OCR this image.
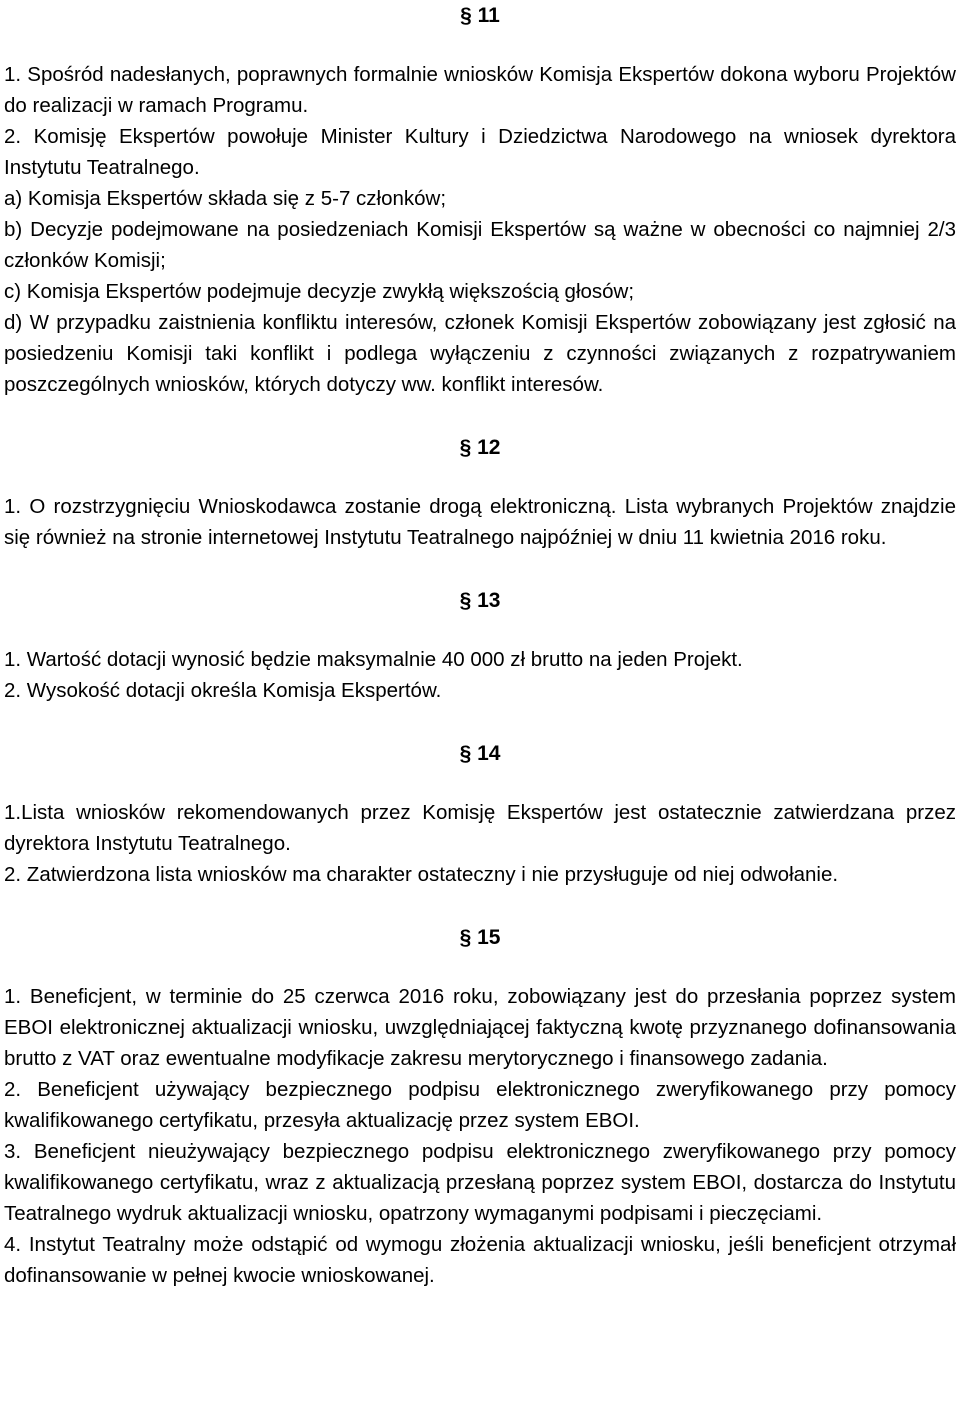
§ 11

1. Spośród nadesłanych, poprawnych formalnie wniosków Komisja Ekspertów dokona wyboru Projektów do realizacji w ramach Programu.

2. Komisję Ekspertów powołuje Minister Kultury i Dziedzictwa Narodowego na wniosek dyrektora Instytutu Teatralnego.

a) Komisja Ekspertów składa się z 5-7 członków;

b) Decyzje podejmowane na posiedzeniach Komisji Ekspertów są ważne w obecności co najmniej 2/3 członków Komisji;

c) Komisja Ekspertów podejmuje decyzje zwykłą większością głosów;

d) W przypadku zaistnienia konfliktu interesów, członek Komisji Ekspertów zobowiązany jest zgłosić na posiedzeniu Komisji taki konflikt i podlega wyłączeniu z czynności związanych z rozpatrywaniem poszczególnych wniosków, których dotyczy ww. konflikt interesów.

§ 12

1. O rozstrzygnięciu Wnioskodawca zostanie drogą elektroniczną. Lista wybranych Projektów znajdzie się również na stronie internetowej Instytutu Teatralnego najpóźniej w dniu 11 kwietnia 2016 roku.

§ 13

1. Wartość dotacji wynosić będzie maksymalnie 40 000 zł brutto na jeden Projekt.

2. Wysokość dotacji określa Komisja Ekspertów.

§ 14

1.Lista wniosków rekomendowanych przez Komisję Ekspertów jest ostatecznie zatwierdzana przez dyrektora Instytutu Teatralnego.

2. Zatwierdzona lista wniosków ma charakter ostateczny i nie przysługuje od niej odwołanie.

§ 15

1. Beneficjent, w terminie do 25 czerwca 2016 roku, zobowiązany jest do przesłania poprzez system EBOI elektronicznej aktualizacji wniosku, uwzględniającej faktyczną kwotę przyznanego dofinansowania brutto z VAT oraz ewentualne modyfikacje zakresu merytorycznego i finansowego zadania.

2. Beneficjent używający bezpiecznego podpisu elektronicznego zweryfikowanego przy pomocy kwalifikowanego certyfikatu, przesyła aktualizację przez system EBOI.

3. Beneficjent nieużywający bezpiecznego podpisu elektronicznego zweryfikowanego przy pomocy kwalifikowanego certyfikatu, wraz z aktualizacją przesłaną poprzez system EBOI, dostarcza do Instytutu Teatralnego wydruk aktualizacji wniosku, opatrzony wymaganymi podpisami i pieczęciami.

4. Instytut Teatralny może odstąpić od wymogu złożenia aktualizacji wniosku, jeśli beneficjent otrzymał dofinansowanie w pełnej kwocie wnioskowanej.
